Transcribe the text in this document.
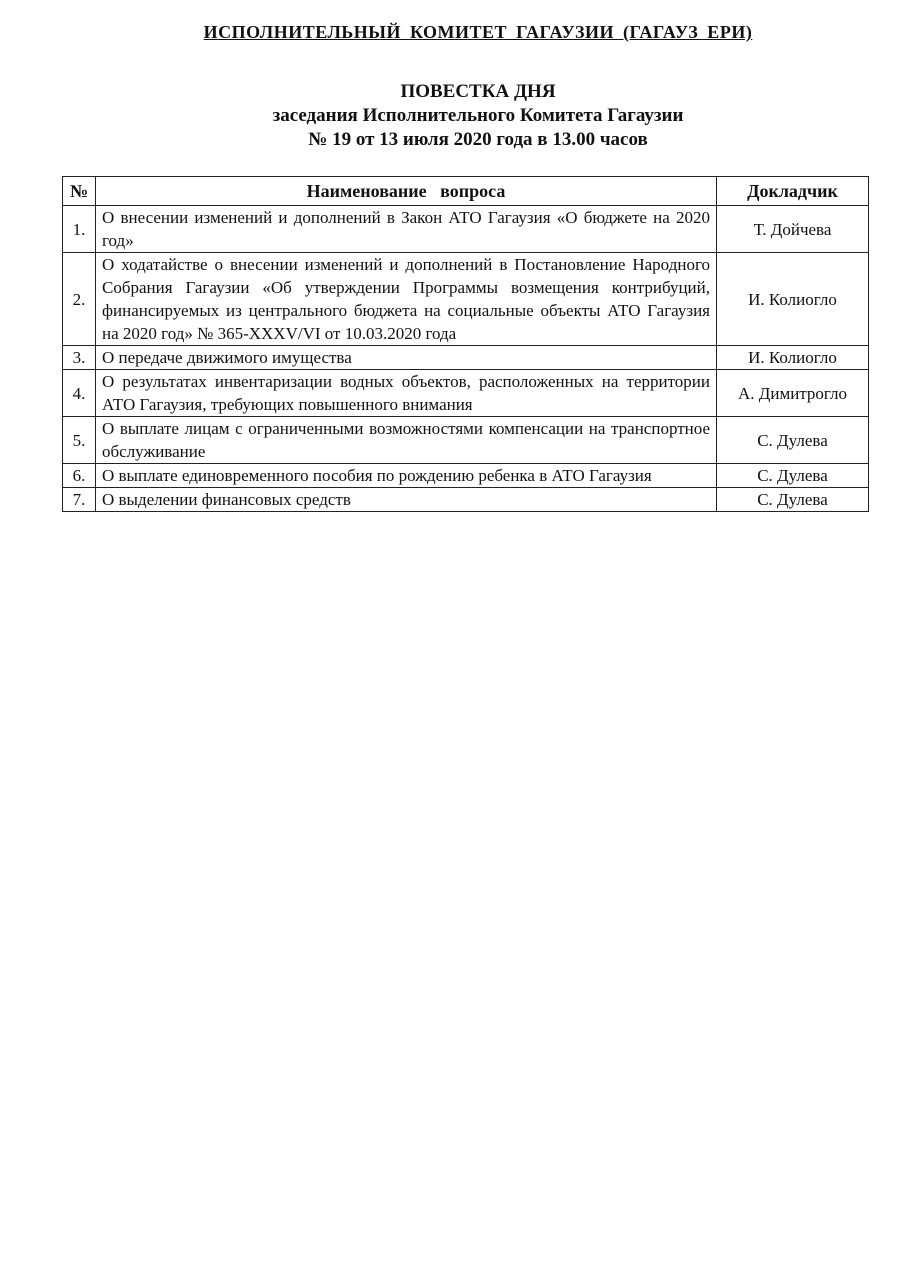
ИСПОЛНИТЕЛЬНЫЙ КОМИТЕТ ГАГАУЗИИ (ГАГАУЗ ЕРИ)
ПОВЕСТКА ДНЯ
заседания Исполнительного Комитета Гагаузии
№ 19 от 13 июля 2020 года в 13.00 часов
№	Наименование   вопроса	Докладчик
1.	О внесении изменений и дополнений в Закон АТО Гагаузия «О бюджете на 2020 год»	Т. Дойчева
2.	О ходатайстве о внесении изменений и дополнений в Постановление Народного Собрания Гагаузии «Об утверждении Программы возмещения контрибуций, финансируемых из центрального бюджета на социальные объекты АТО Гагаузия на 2020 год» № 365-XXXV/VI от 10.03.2020 года	И. Колиогло
3.	О передаче движимого имущества	И. Колиогло
4.	О результатах инвентаризации водных объектов, расположенных на территории АТО Гагаузия, требующих повышенного внимания	А. Димитрогло
5.	О выплате лицам с ограниченными возможностями компенсации на транспортное обслуживание	С. Дулева
6.	О выплате единовременного пособия по рождению ребенка в АТО Гагаузия	С. Дулева
7.	О выделении финансовых средств	С. Дулева
